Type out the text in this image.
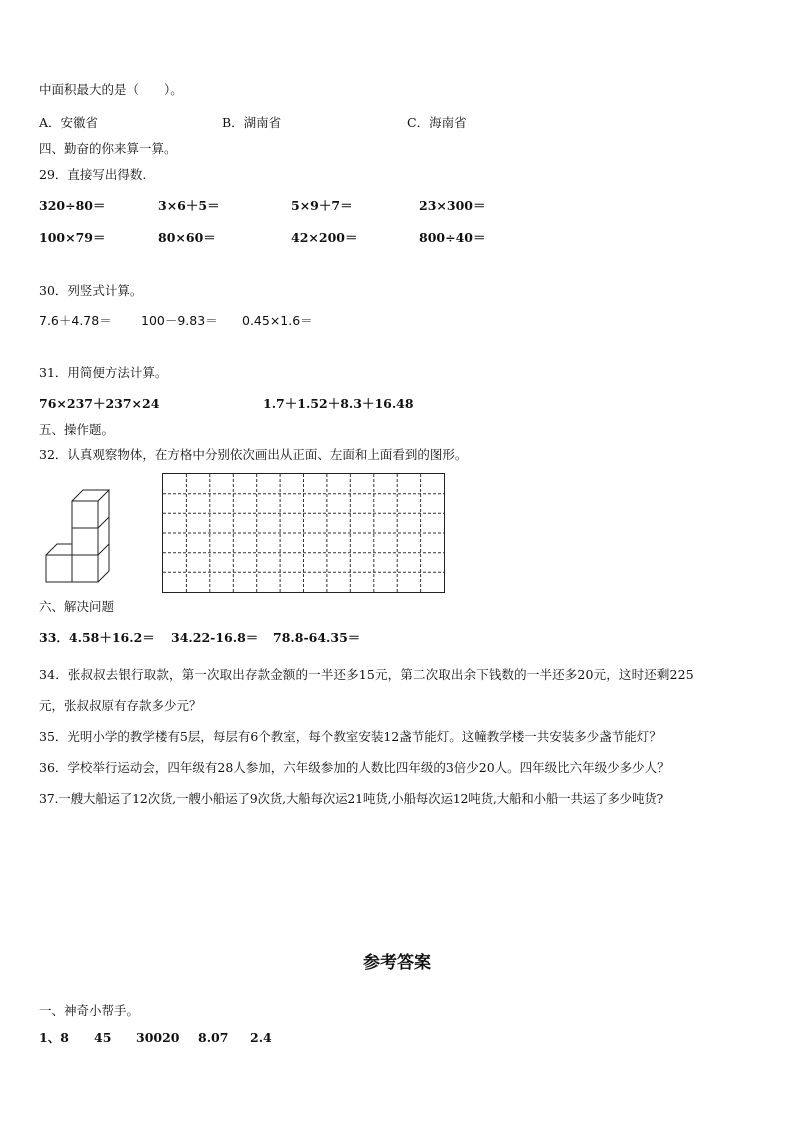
中面积最大的是（　　）。
A．安徽省	B．湖南省	C．海南省
四、勤奋的你来算一算。
29．直接写出得数.
320÷80＝	3×6＋5＝	5×9＋7＝	23×300＝
100×79＝	80×60＝	42×200＝	800÷40＝
30．列竖式计算。
7.6＋4.78＝ 100－9.83＝ 0.45×1.6＝
31．用简便方法计算。
76×237＋237×24	1.7＋1.52＋8.3＋16.48
五、操作题。
32．认真观察物体，在方格中分别依次画出从正面、左面和上面看到的图形。
六、解决问题
33．4.58＋16.2＝ 34.22-16.8＝ 78.8-64.35＝
34．张叔叔去银行取款，第一次取出存款金额的一半还多15元，第二次取出余下钱数的一半还多20元，这时还剩225
元，张叔叔原有存款多少元？
35．光明小学的教学楼有5层，每层有6个教室，每个教室安装12盏节能灯。这幢教学楼一共安装多少盏节能灯？
36．学校举行运动会，四年级有28人参加，六年级参加的人数比四年级的3倍少20人。四年级比六年级少多少人？
37.一艘大船运了12次货,一艘小船运了9次货,大船每次运21吨货,小船每次运12吨货,大船和小船一共运了多少吨货?
参考答案
一、神奇小帮手。
1、8 45 30020 8.07 2.4
